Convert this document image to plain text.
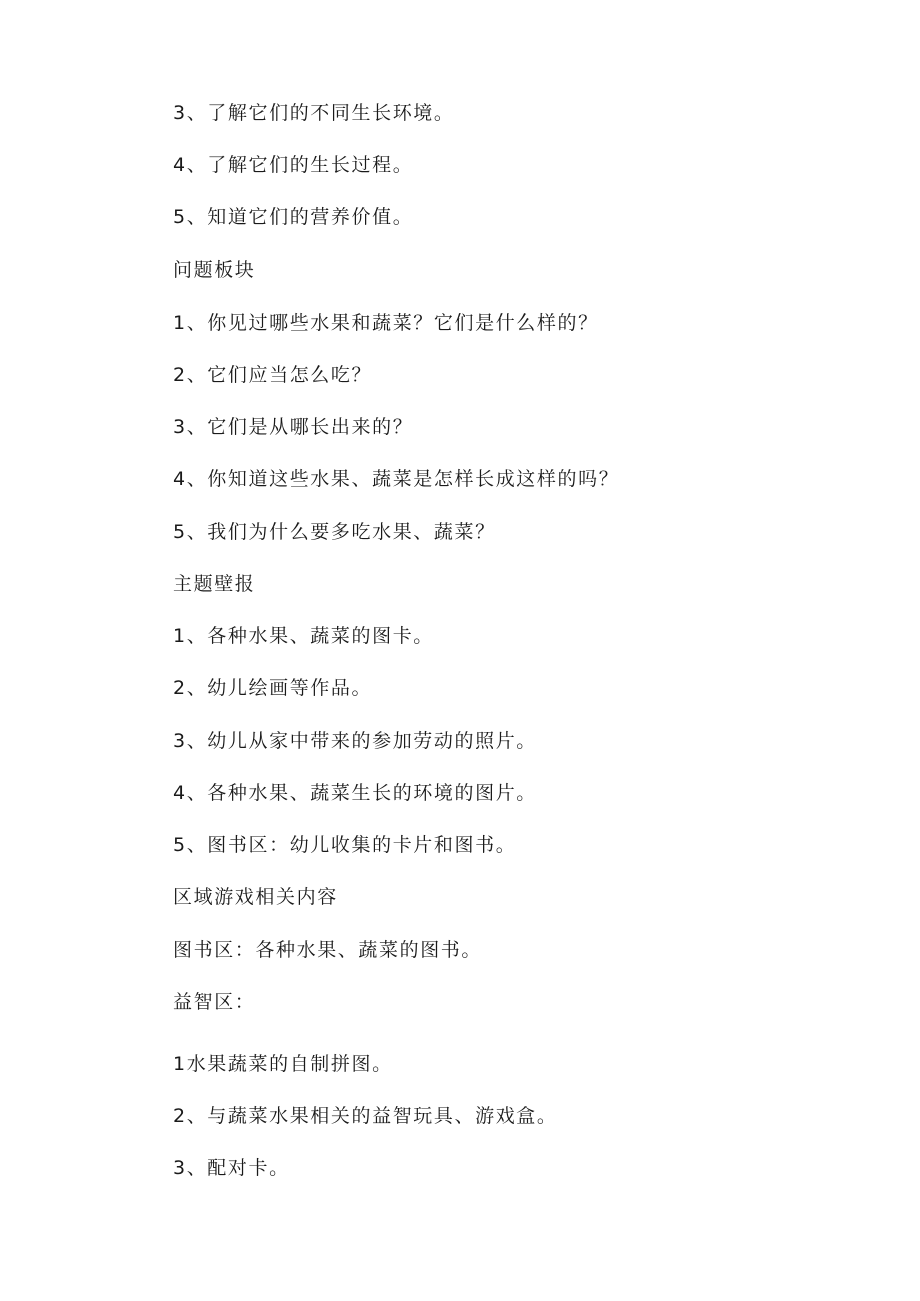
3、了解它们的不同生长环境。
4、了解它们的生长过程。
5、知道它们的营养价值。
问题板块
1、你见过哪些水果和蔬菜？它们是什么样的？
2、它们应当怎么吃？
3、它们是从哪长出来的？
4、你知道这些水果、蔬菜是怎样长成这样的吗？
5、我们为什么要多吃水果、蔬菜？
主题壁报
1、各种水果、蔬菜的图卡。
2、幼儿绘画等作品。
3、幼儿从家中带来的参加劳动的照片。
4、各种水果、蔬菜生长的环境的图片。
5、图书区：幼儿收集的卡片和图书。
区域游戏相关内容
图书区：各种水果、蔬菜的图书。
益智区：
1水果蔬菜的自制拼图。
2、与蔬菜水果相关的益智玩具、游戏盒。
3、配对卡。
